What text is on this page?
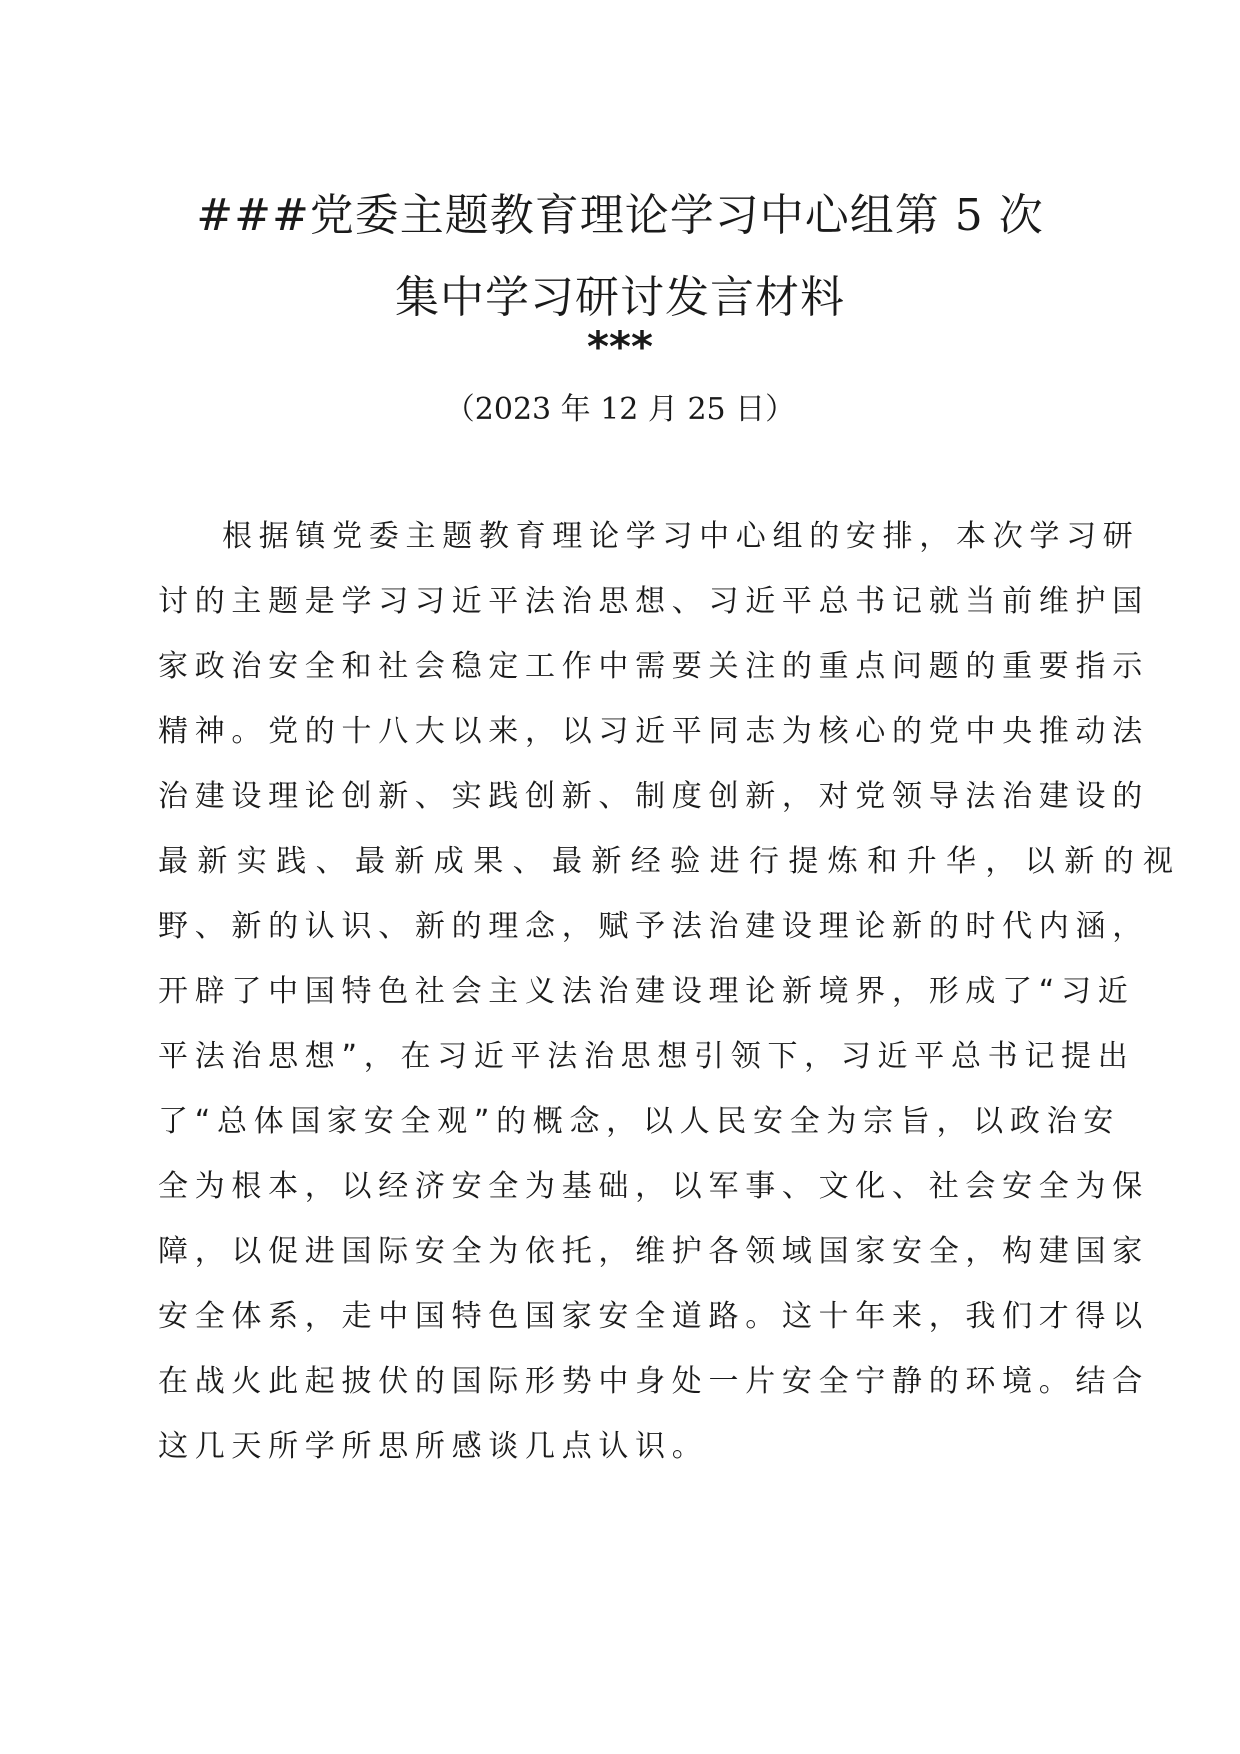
###党委主题教育理论学习中心组第 5 次
集中学习研讨发言材料
***
（2023 年 12 月 25 日）
根据镇党委主题教育理论学习中心组的安排，本次学习研
讨的主题是学习习近平法治思想、习近平总书记就当前维护国
家政治安全和社会稳定工作中需要关注的重点问题的重要指示
精神。党的十八大以来，以习近平同志为核心的党中央推动法
治建设理论创新、实践创新、制度创新，对党领导法治建设的
最新实践、最新成果、最新经验进行提炼和升华，以新的视
野、新的认识、新的理念，赋予法治建设理论新的时代内涵，
开辟了中国特色社会主义法治建设理论新境界，形成了“习近
平法治思想”，在习近平法治思想引领下，习近平总书记提出
了“总体国家安全观”的概念，以人民安全为宗旨，以政治安
全为根本，以经济安全为基础，以军事、文化、社会安全为保
障，以促进国际安全为依托，维护各领域国家安全，构建国家
安全体系，走中国特色国家安全道路。这十年来，我们才得以
在战火此起披伏的国际形势中身处一片安全宁静的环境。结合
这几天所学所思所感谈几点认识。
